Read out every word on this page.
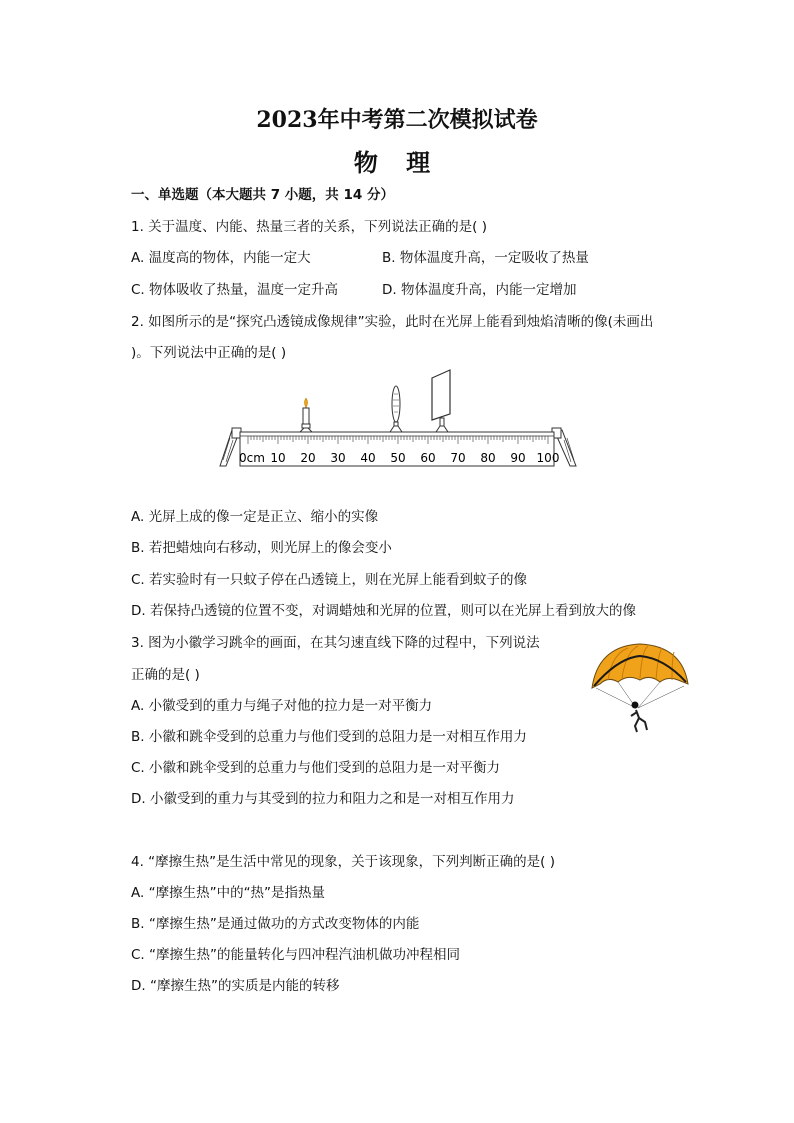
2023年中考第二次模拟试卷
物 理
一、单选题（本大题共 7 小题，共 14 分）
1. 关于温度、内能、热量三者的关系，下列说法正确的是( )
A. 温度高的物体，内能一定大	B. 物体温度升高，一定吸收了热量
C. 物体吸收了热量，温度一定升高	D. 物体温度升高，内能一定增加
2. 如图所示的是“探究凸透镜成像规律”实验，此时在光屏上能看到烛焰清晰的像(未画出
)。下列说法中正确的是( )
0cm 10 20 30 40 50 60 70 80 90 100
A. 光屏上成的像一定是正立、缩小的实像
B. 若把蜡烛向右移动，则光屏上的像会变小
C. 若实验时有一只蚊子停在凸透镜上，则在光屏上能看到蚊子的像
D. 若保持凸透镜的位置不变，对调蜡烛和光屏的位置，则可以在光屏上看到放大的像
3. 图为小徽学习跳伞的画面，在其匀速直线下降的过程中，下列说法
正确的是( )
A. 小徽受到的重力与绳子对他的拉力是一对平衡力
B. 小徽和跳伞受到的总重力与他们受到的总阻力是一对相互作用力
C. 小徽和跳伞受到的总重力与他们受到的总阻力是一对平衡力
D. 小徽受到的重力与其受到的拉力和阻力之和是一对相互作用力
4. “摩擦生热”是生活中常见的现象，关于该现象，下列判断正确的是( )
A. “摩擦生热”中的“热”是指热量
B. “摩擦生热”是通过做功的方式改变物体的内能
C. “摩擦生热”的能量转化与四冲程汽油机做功冲程相同
D. “摩擦生热”的实质是内能的转移
